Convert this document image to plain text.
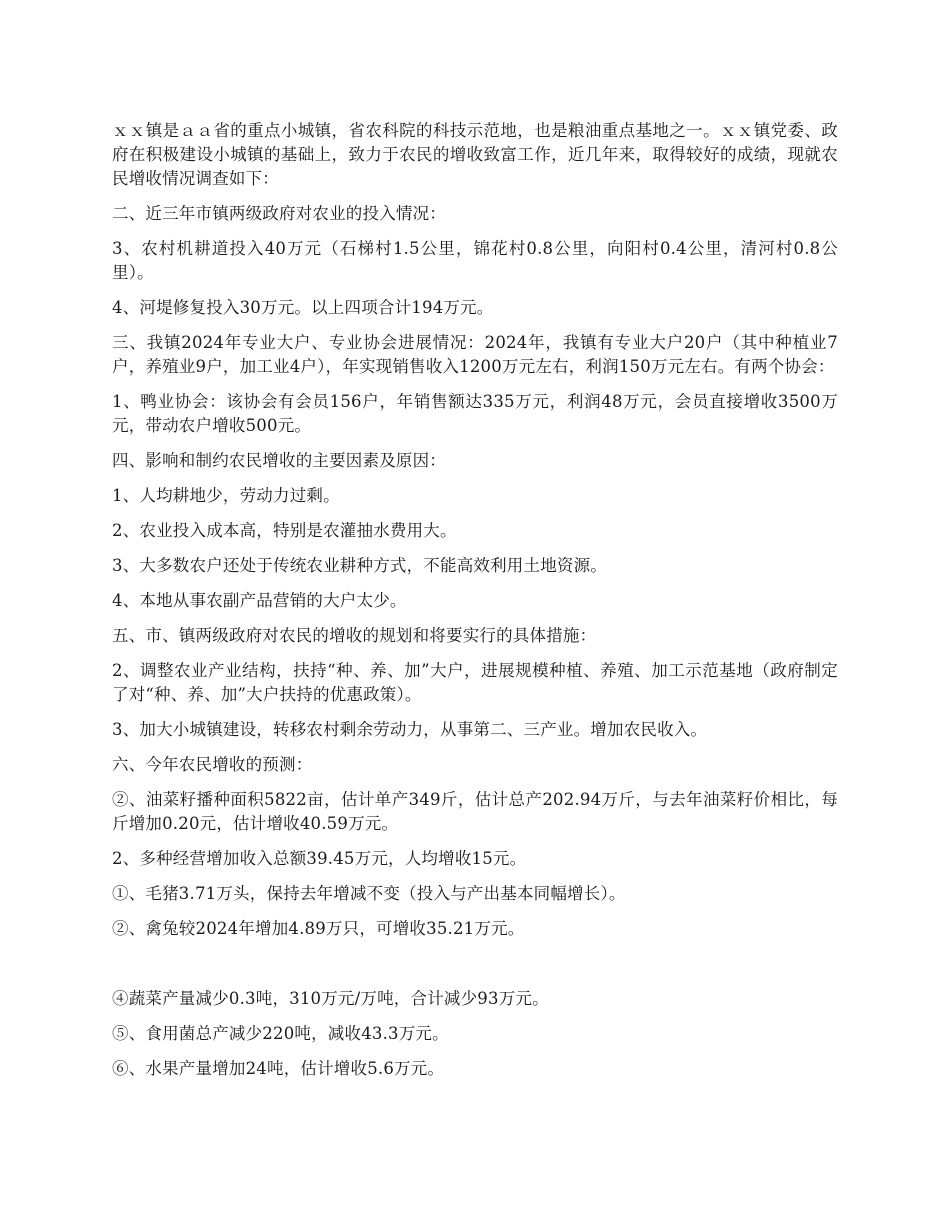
ｘｘ镇是ａａ省的重点小城镇，省农科院的科技示范地，也是粮油重点基地之一。ｘｘ镇党委、政府在积极建设小城镇的基础上，致力于农民的增收致富工作，近几年来，取得较好的成绩，现就农民增收情况调查如下：

二、近三年市镇两级政府对农业的投入情况：

3、农村机耕道投入40万元（石梯村1.5公里，锦花村0.8公里，向阳村0.4公里，清河村0.8公里）。

4、河堤修复投入30万元。以上四项合计194万元。

三、我镇2024年专业大户、专业协会进展情况：2024年，我镇有专业大户20户（其中种植业7户，养殖业9户，加工业4户），年实现销售收入1200万元左右，利润150万元左右。有两个协会：

1、鸭业协会：该协会有会员156户，年销售额达335万元，利润48万元，会员直接增收3500万元，带动农户增收500元。

四、影响和制约农民增收的主要因素及原因：

1、人均耕地少，劳动力过剩。

2、农业投入成本高，特别是农灌抽水费用大。

3、大多数农户还处于传统农业耕种方式，不能高效利用土地资源。

4、本地从事农副产品营销的大户太少。

五、市、镇两级政府对农民的增收的规划和将要实行的具体措施：

2、调整农业产业结构，扶持“种、养、加”大户，进展规模种植、养殖、加工示范基地（政府制定了对“种、养、加”大户扶持的优惠政策）。

3、加大小城镇建设，转移农村剩余劳动力，从事第二、三产业。增加农民收入。

六、今年农民增收的预测：

②、油菜籽播种面积5822亩，估计单产349斤，估计总产202.94万斤，与去年油菜籽价相比，每斤增加0.20元，估计增收40.59万元。

2、多种经营增加收入总额39.45万元，人均增收15元。

①、毛猪3.71万头，保持去年增减不变（投入与产出基本同幅增长）。

②、禽兔较2024年增加4.89万只，可增收35.21万元。

④蔬菜产量减少0.3吨，310万元/万吨，合计减少93万元。

⑤、食用菌总产减少220吨，减收43.3万元。

⑥、水果产量增加24吨，估计增收5.6万元。
